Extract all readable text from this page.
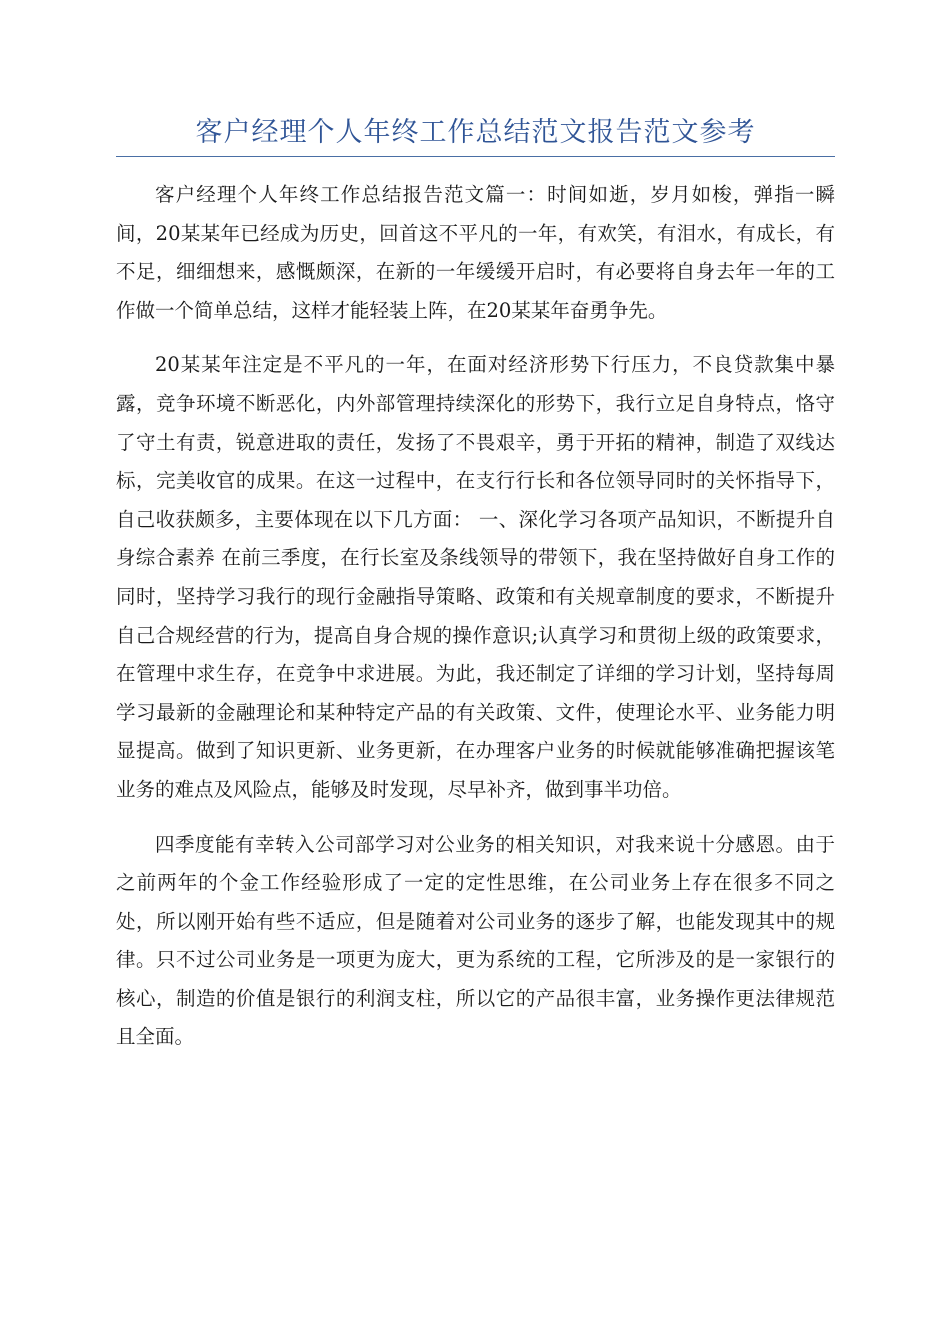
客户经理个人年终工作总结范文报告范文参考

客户经理个人年终工作总结报告范文篇一：时间如逝，岁月如梭，弹指一瞬间，20某某年已经成为历史，回首这不平凡的一年，有欢笑，有泪水，有成长，有不足，细细想来，感慨颇深，在新的一年缓缓开启时，有必要将自身去年一年的工作做一个简单总结，这样才能轻装上阵，在20某某年奋勇争先。

20某某年注定是不平凡的一年，在面对经济形势下行压力，不良贷款集中暴露，竞争环境不断恶化，内外部管理持续深化的形势下，我行立足自身特点，恪守了守土有责，锐意进取的责任，发扬了不畏艰辛，勇于开拓的精神，制造了双线达标，完美收官的成果。在这一过程中，在支行行长和各位领导同时的关怀指导下，自己收获颇多，主要体现在以下几方面： 一、深化学习各项产品知识，不断提升自身综合素养 在前三季度，在行长室及条线领导的带领下，我在坚持做好自身工作的同时，坚持学习我行的现行金融指导策略、政策和有关规章制度的要求，不断提升自己合规经营的行为，提高自身合规的操作意识;认真学习和贯彻上级的政策要求，在管理中求生存，在竞争中求进展。为此，我还制定了详细的学习计划，坚持每周学习最新的金融理论和某种特定产品的有关政策、文件，使理论水平、业务能力明显提高。做到了知识更新、业务更新，在办理客户业务的时候就能够准确把握该笔业务的难点及风险点，能够及时发现，尽早补齐，做到事半功倍。

四季度能有幸转入公司部学习对公业务的相关知识，对我来说十分感恩。由于之前两年的个金工作经验形成了一定的定性思维，在公司业务上存在很多不同之处，所以刚开始有些不适应，但是随着对公司业务的逐步了解，也能发现其中的规律。只不过公司业务是一项更为庞大，更为系统的工程，它所涉及的是一家银行的核心，制造的价值是银行的利润支柱，所以它的产品很丰富，业务操作更法律规范且全面。
